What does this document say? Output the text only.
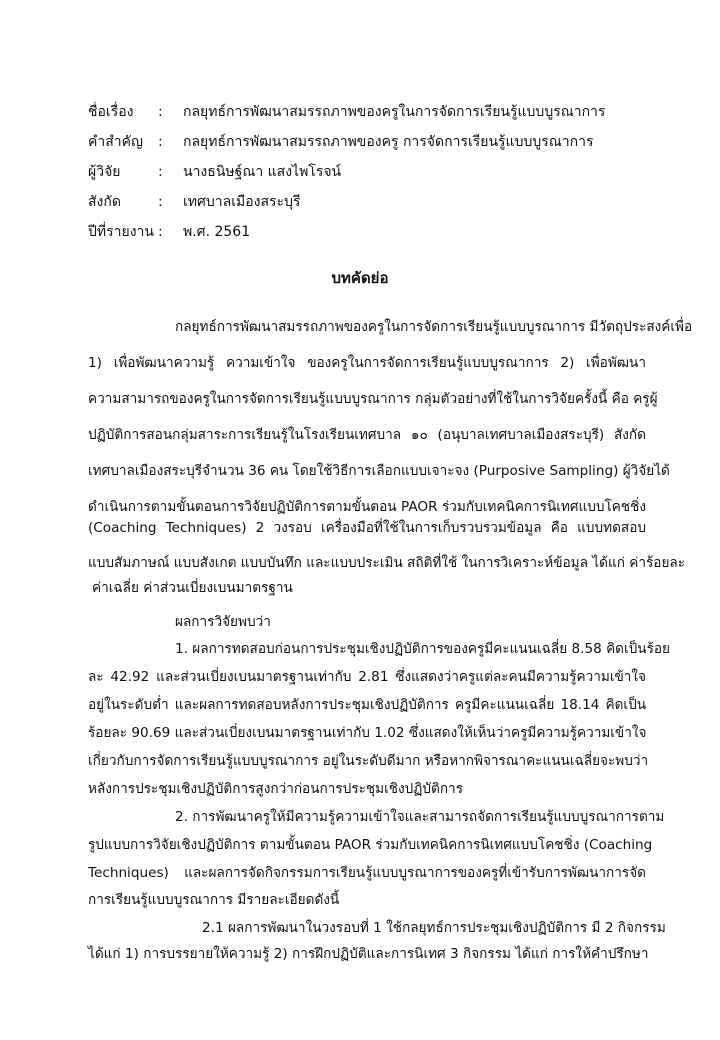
ชื่อเรื่อง	:	กลยุทธ์การพัฒนาสมรรถภาพของครูในการจัดการเรียนรู้แบบบูรณาการ
คำสำคัญ	:	กลยุทธ์การพัฒนาสมรรถภาพของครู การจัดการเรียนรู้แบบบูรณาการ
ผู้วิจัย	:	นางธนิษฐ์ณา แสงไพโรจน์
สังกัด	:	เทศบาลเมืองสระบุรี
ปีที่รายงาน :	พ.ศ. 2561
บทคัดย่อ
กลยุทธ์การพัฒนาสมรรถภาพของครูในการจัดการเรียนรู้แบบบูรณาการ มีวัตถุประสงค์เพื่อ
1) เพื่อพัฒนาความรู้ ความเข้าใจ ของครูในการจัดการเรียนรู้แบบบูรณาการ 2) เพื่อพัฒนา
ความสามารถของครูในการจัดการเรียนรู้แบบบูรณาการ กลุ่มตัวอย่างที่ใช้ในการวิจัยครั้งนี้ คือ ครูผู้
ปฏิบัติการสอนกลุ่มสาระการเรียนรู้ในโรงเรียนเทศบาล ๑๐ (อนุบาลเทศบาลเมืองสระบุรี) สังกัด
เทศบาลเมืองสระบุรีจำนวน 36 คน โดยใช้วิธีการเลือกแบบเจาะจง (Purposive Sampling) ผู้วิจัยได้
ดำเนินการตามขั้นตอนการวิจัยปฏิบัติการตามขั้นตอน PAOR ร่วมกับเทคนิคการนิเทศแบบโคชชิ่ง
(Coaching Techniques) 2 วงรอบ เครื่องมือที่ใช้ในการเก็บรวบรวมข้อมูล คือ แบบทดสอบ
แบบสัมภาษณ์ แบบสังเกต แบบบันทึก และแบบประเมิน สถิติที่ใช้ ในการวิเคราะห์ข้อมูล ได้แก่ ค่าร้อยละ
ค่าเฉลี่ย ค่าส่วนเบี่ยงเบนมาตรฐาน
ผลการวิจัยพบว่า
1. ผลการทดสอบก่อนการประชุมเชิงปฏิบัติการของครูมีคะแนนเฉลี่ย 8.58 คิดเป็นร้อย
ละ 42.92 และส่วนเบี่ยงเบนมาตรฐานเท่ากับ 2.81 ซึ่งแสดงว่าครูแต่ละคนมีความรู้ความเข้าใจ
อยู่ในระดับต่ำ และผลการทดสอบหลังการประชุมเชิงปฏิบัติการ ครูมีคะแนนเฉลี่ย 18.14 คิดเป็น
ร้อยละ 90.69 และส่วนเบี่ยงเบนมาตรฐานเท่ากับ 1.02 ซึ่งแสดงให้เห็นว่าครูมีความรู้ความเข้าใจ
เกี่ยวกับการจัดการเรียนรู้แบบบูรณาการ อยู่ในระดับดีมาก หรือหากพิจารณาคะแนนเฉลี่ยจะพบว่า
หลังการประชุมเชิงปฏิบัติการสูงกว่าก่อนการประชุมเชิงปฏิบัติการ
2. การพัฒนาครูให้มีความรู้ความเข้าใจและสามารถจัดการเรียนรู้แบบบูรณาการตาม
รูปแบบการวิจัยเชิงปฏิบัติการ ตามขั้นตอน PAOR ร่วมกับเทคนิคการนิเทศแบบโคชชิ่ง (Coaching
Techniques) และผลการจัดกิจกรรมการเรียนรู้แบบบูรณาการของครูที่เข้ารับการพัฒนาการจัด
การเรียนรู้แบบบูรณาการ มีรายละเอียดดังนี้
2.1 ผลการพัฒนาในวงรอบที่ 1 ใช้กลยุทธ์การประชุมเชิงปฏิบัติการ มี 2 กิจกรรม
ได้แก่ 1) การบรรยายให้ความรู้ 2) การฝึกปฏิบัติและการนิเทศ 3 กิจกรรม ได้แก่ การให้คำปรึกษา
